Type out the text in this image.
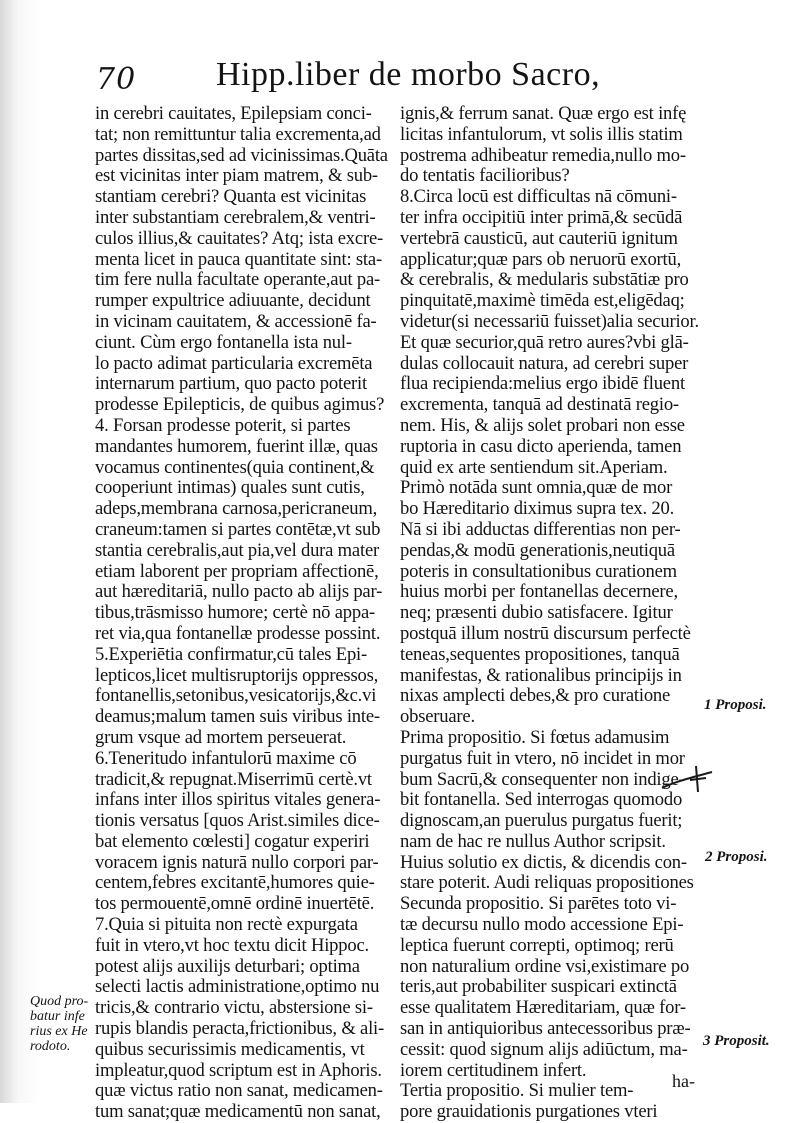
70 Hipp.liber de morbo Sacro,
in cerebri cauitates, Epilepsiam conci-
tat; non remittuntur talia excrementa,ad
partes dissitas,sed ad vicinissimas.Quāta
est vicinitas inter piam matrem, & sub-
stantiam cerebri? Quanta est vicinitas
inter substantiam cerebralem,& ventri-
culos illius,& cauitates? Atq; ista excre-
menta licet in pauca quantitate sint: sta-
tim fere nulla facultate operante,aut pa-
rumper expultrice adiuuante, decidunt
in vicinam cauitatem, & accessionē fa-
ciunt. Cùm ergo fontanella ista nul-
lo pacto adimat particularia excremēta
internarum partium, quo pacto poterit
prodesse Epilepticis, de quibus agimus?
4. Forsan prodesse poterit, si partes
mandantes humorem, fuerint illæ, quas
vocamus continentes(quia continent,&
cooperiunt intimas) quales sunt cutis,
adeps,membrana carnosa,pericraneum,
craneum:tamen si partes contētæ,vt sub
stantia cerebralis,aut pia,vel dura mater
etiam laborent per propriam affectionē,
aut hæreditariā, nullo pacto ab alijs par-
tibus,trāsmisso humore; certè nō appa-
ret via,qua fontanellæ prodesse possint.
5.Experiētia confirmatur,cū tales Epi-
lepticos,licet multisruptorijs oppressos,
fontanellis,setonibus,vesicatorijs,&c.vi
deamus;malum tamen suis viribus inte-
grum vsque ad mortem perseuerat.
6.Teneritudo infantulorū maxime cō
tradicit,& repugnat.Miserrimū certè.vt
infans inter illos spiritus vitales genera-
tionis versatus [quos Arist.similes dice-
bat elemento cœlesti] cogatur experiri
voracem ignis naturā nullo corpori par-
centem,febres excitantē,humores quie-
tos permouentē,omnē ordinē inuertētē.
7.Quia si pituita non rectè expurgata
fuit in vtero,vt hoc textu dicit Hippoc.
potest alijs auxilijs deturbari; optima
selecti lactis administratione,optimo nu
tricis,& contrario victu, abstersione si-
rupis blandis peracta,frictionibus, & ali-
quibus securissimis medicamentis, vt
impleatur,quod scriptum est in Aphoris.
quæ victus ratio non sanat, medicamen-
tum sanat;quæ medicamentū non sanat,
ignis,& ferrum sanat. Quæ ergo est infę
licitas infantulorum, vt solis illis statim
postrema adhibeatur remedia,nullo mo-
do tentatis facilioribus?
8.Circa locū est difficultas nā cōmuni-
ter infra occipitiū inter primā,& secūdā
vertebrā causticū, aut cauteriū ignitum
applicatur;quæ pars ob neruorū exortū,
& cerebralis, & medularis substātiæ pro
pinquitatē,maximè timēda est,eligēdaq;
videtur(si necessariū fuisset)alia securior.
Et quæ securior,quā retro aures?vbi glā-
dulas collocauit natura, ad cerebri super
flua recipienda:melius ergo ibidē fluent
excrementa, tanquā ad destinatā regio-
nem. His, & alijs solet probari non esse
ruptoria in casu dicto aperienda, tamen
quid ex arte sentiendum sit.Aperiam.
Primò notāda sunt omnia,quæ de mor
bo Hæreditario diximus supra tex. 20.
Nā si ibi adductas differentias non per-
pendas,& modū generationis,neutiquā
poteris in consultationibus curationem
huius morbi per fontanellas decernere,
neq; præsenti dubio satisfacere. Igitur
postquā illum nostrū discursum perfectè
teneas,sequentes propositiones, tanquā
manifestas, & rationalibus principijs in
nixas amplecti debes,& pro curatione
obseruare.
Prima propositio. Si fœtus adamusim
purgatus fuit in vtero, nō incidet in mor
bum Sacrū,& consequenter non indige-
bit fontanella. Sed interrogas quomodo
dignoscam,an puerulus purgatus fuerit;
nam de hac re nullus Author scripsit.
Huius solutio ex dictis, & dicendis con-
stare poterit. Audi reliquas propositiones
Secunda propositio. Si parētes toto vi-
tæ decursu nullo modo accessione Epi-
leptica fuerunt correpti, optimoq; rerū
non naturalium ordine vsi,existimare po
teris,aut probabiliter suspicari extinctā
esse qualitatem Hæreditariam, quæ for-
san in antiquioribus antecessoribus præ-
cessit: quod signum alijs adiūctum, ma-
iorem certitudinem infert.
Tertia propositio. Si mulier tem-
pore grauidationis purgationes vteri
Quod pro-
batur infe
rius ex He
rodoto.
1 Proposi.
2 Proposi.
3 Proposit.
ha-
